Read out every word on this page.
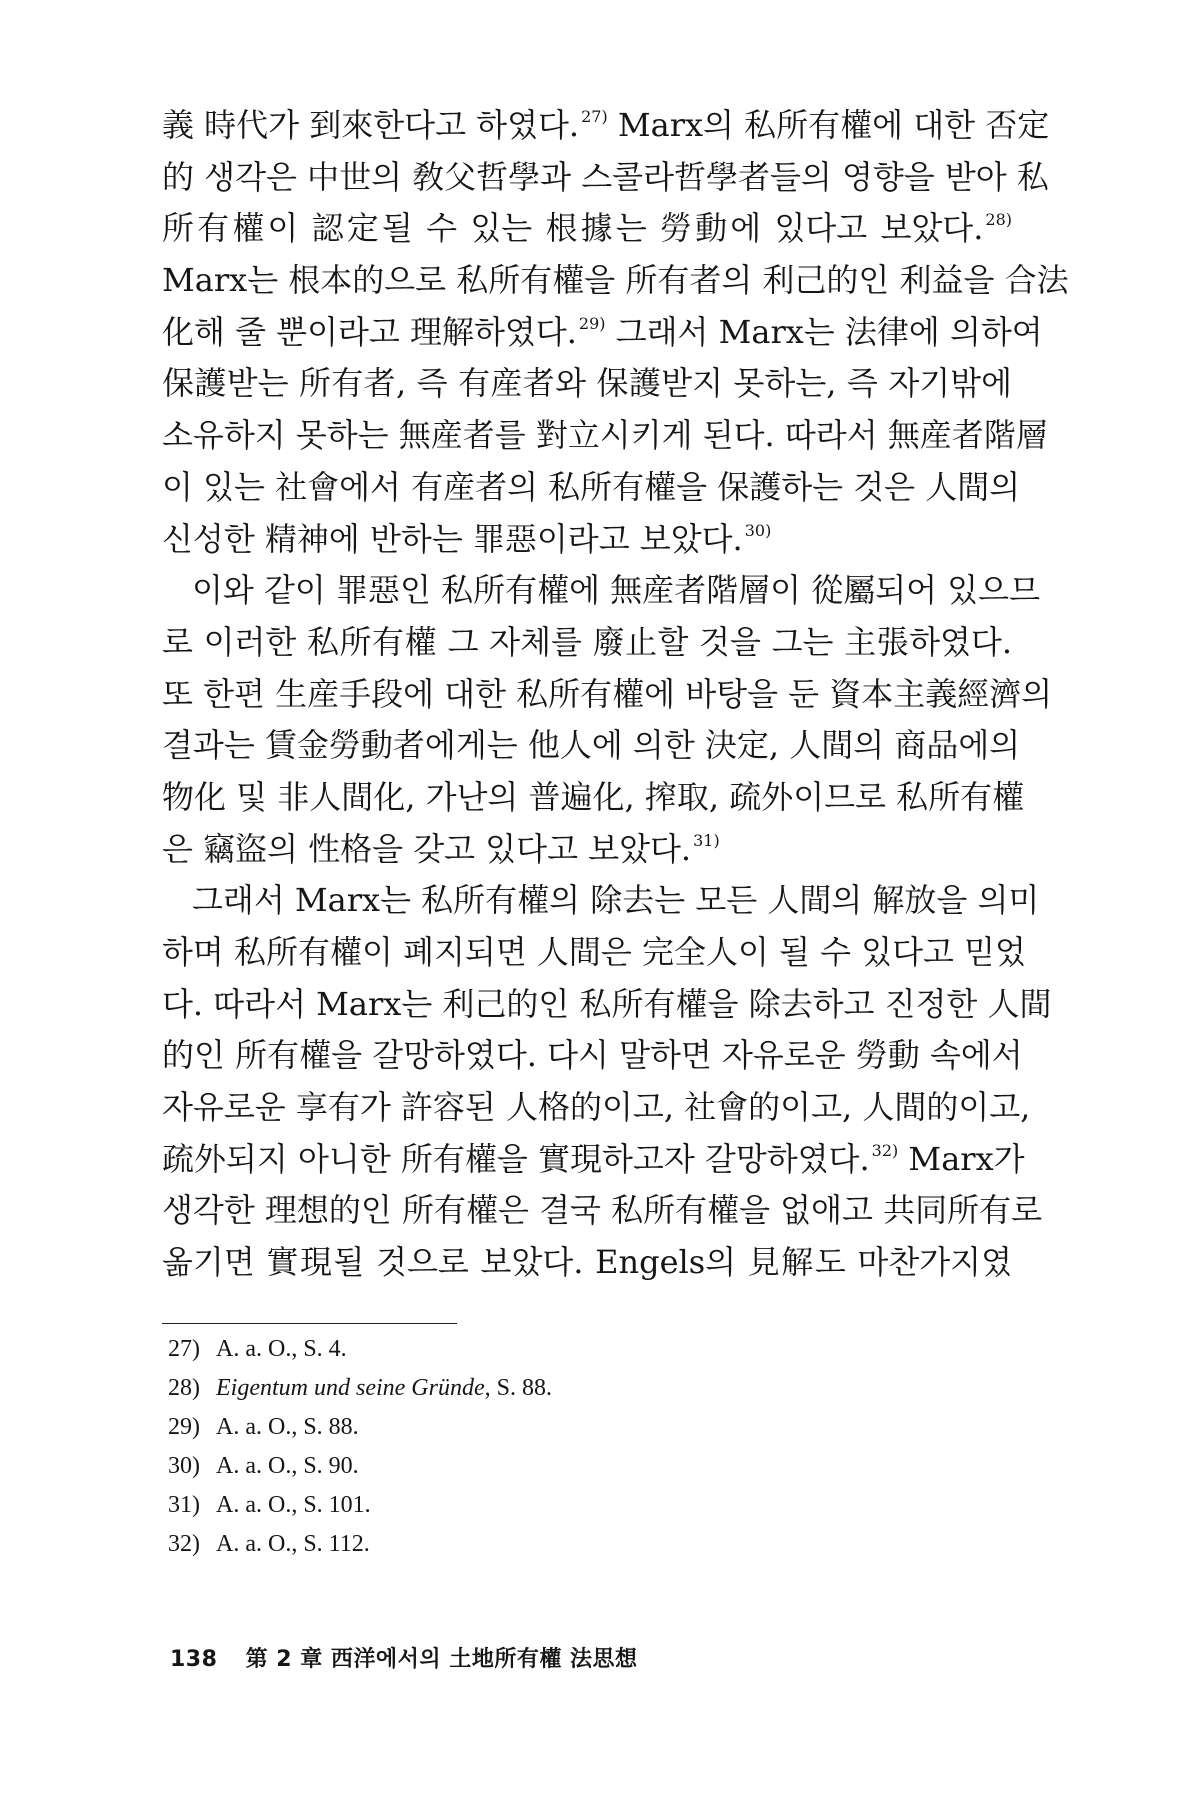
義 時代가 到來한다고 하였다. $^{27)}$ Marx의 私所有權에 대한 否定
的 생각은 中世의 敎父哲學과 스콜라哲學者들의 영향을 받아 私
所有權이 認定될 수 있는 根據는 勞動에 있다고 보았다. $^{28)}$
Marx는 根本的으로 私所有權을 所有者의 利己的인 利益을 合法
化해 줄 뿐이라고 理解하였다. $^{29)}$ 그래서 Marx는 法律에 의하여
保護받는 所有者, 즉 有産者와 保護받지 못하는, 즉 자기밖에
소유하지 못하는 無産者를 對立시키게 된다. 따라서 無産者階層
이 있는 社會에서 有産者의 私所有權을 保護하는 것은 人間의
신성한 精神에 반하는 罪惡이라고 보았다. $^{30)}$
이와 같이 罪惡인 私所有權에 無産者階層이 從屬되어 있으므
로 이러한 私所有權 그 자체를 廢止할 것을 그는 主張하였다.
또 한편 生産手段에 대한 私所有權에 바탕을 둔 資本主義經濟의
결과는 賃金勞動者에게는 他人에 의한 決定, 人間의 商品에의
物化 및 非人間化, 가난의 普遍化, 搾取, 疏外이므로 私所有權
은 竊盜의 性格을 갖고 있다고 보았다. $^{31)}$
그래서 Marx는 私所有權의 除去는 모든 人間의 解放을 의미
하며 私所有權이 폐지되면 人間은 完全人이 될 수 있다고 믿었
다. 따라서 Marx는 利己的인 私所有權을 除去하고 진정한 人間
的인 所有權을 갈망하였다. 다시 말하면 자유로운 勞動 속에서
자유로운 享有가 許容된 人格的이고, 社會的이고, 人間的이고,
疏外되지 아니한 所有權을 實現하고자 갈망하였다. $^{32)}$ Marx가
생각한 理想的인 所有權은 결국 私所有權을 없애고 共同所有로
옮기면 實現될 것으로 보았다. Engels의 見解도 마찬가지였
27) A. a. O., S. 4.
28) Eigentum und seine Gründe, S. 88.
29) A. a. O., S. 88.
30) A. a. O., S. 90.
31) A. a. O., S. 101.
32) A. a. O., S. 112.
138 第 2 章 西洋에서의 土地所有權 法思想
